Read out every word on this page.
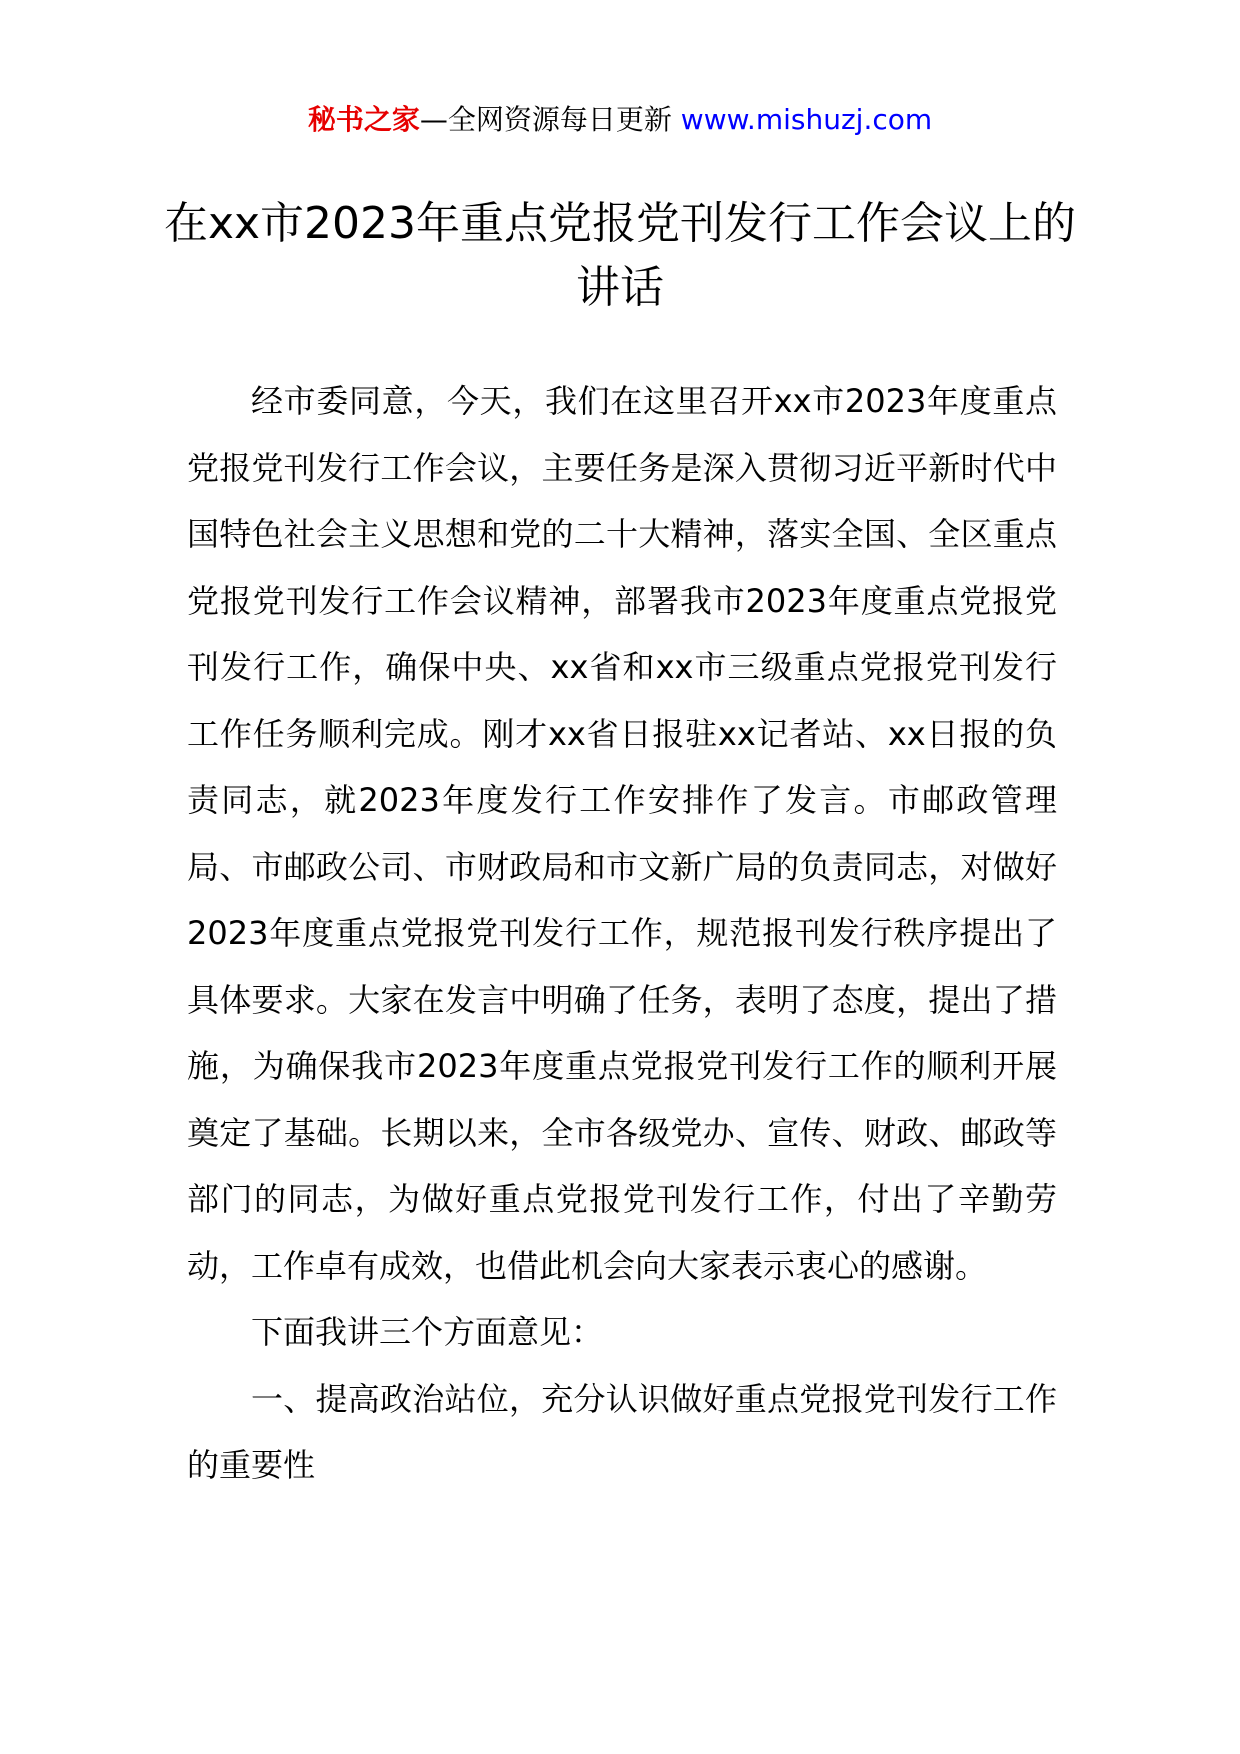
秘书之家—全网资源每日更新 www.mishuzj.com
在xx市2023年重点党报党刊发行工作会议上的讲话

经市委同意，今天，我们在这里召开xx市2023年度重点党报党刊发行工作会议，主要任务是深入贯彻习近平新时代中国特色社会主义思想和党的二十大精神，落实全国、全区重点党报党刊发行工作会议精神，部署我市2023年度重点党报党刊发行工作，确保中央、xx省和xx市三级重点党报党刊发行工作任务顺利完成。刚才xx省日报驻xx记者站、xx日报的负责同志，就2023年度发行工作安排作了发言。市邮政管理局、市邮政公司、市财政局和市文新广局的负责同志，对做好2023年度重点党报党刊发行工作，规范报刊发行秩序提出了具体要求。大家在发言中明确了任务，表明了态度，提出了措施，为确保我市2023年度重点党报党刊发行工作的顺利开展奠定了基础。长期以来，全市各级党办、宣传、财政、邮政等部门的同志，为做好重点党报党刊发行工作，付出了辛勤劳动，工作卓有成效，也借此机会向大家表示衷心的感谢。

下面我讲三个方面意见：

一、提高政治站位，充分认识做好重点党报党刊发行工作的重要性
